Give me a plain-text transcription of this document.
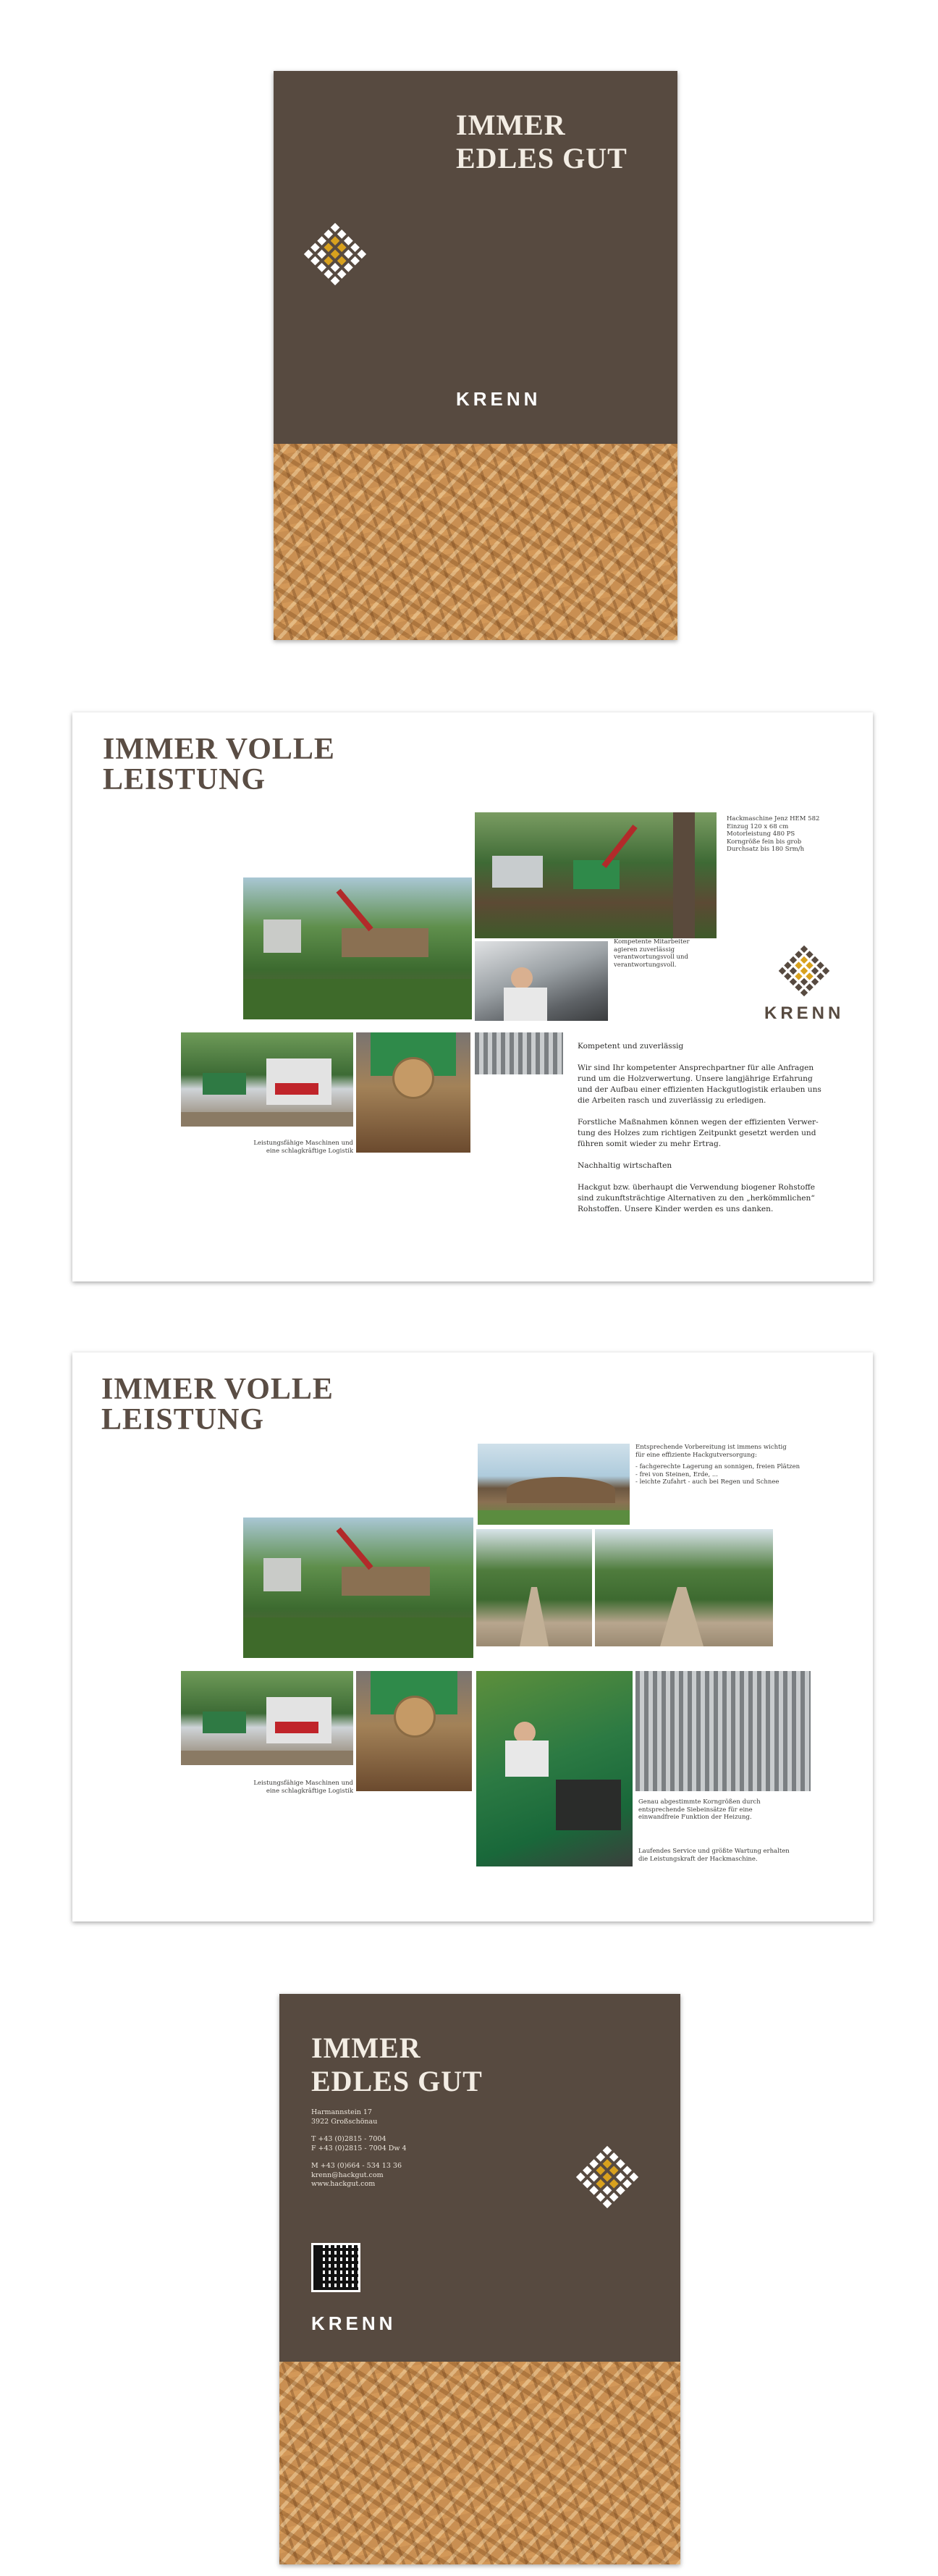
IMMER
EDLES GUT
KRENN
IMMER VOLLE
LEISTUNG

Hackmaschine Jenz HEM 582
Einzug 120 x 68 cm
Motorleistung 480 PS
Korngröße fein bis grob
Durchsatz bis 180 Srm/h

Kompetente Mitarbeiter
agieren zuverlässig
verantwortungsvoll und
verantwortungsvoll.

KRENN

Leistungsfähige Maschinen und
eine schlagkräftige Logistik

Kompetent und zuverlässig

Wir sind Ihr kompetenter Ansprechpartner für alle Anfragen
rund um die Holzverwertung. Unsere langjährige Erfahrung
und der Aufbau einer effizienten Hackgutlogistik erlauben uns
die Arbeiten rasch und zuverlässig zu erledigen.

Forstliche Maßnahmen können wegen der effizienten Verwer-
tung des Holzes zum richtigen Zeitpunkt gesetzt werden und
führen somit wieder zu mehr Ertrag.

Nachhaltig wirtschaften

Hackgut bzw. überhaupt die Verwendung biogener Rohstoffe
sind zukunftsträchtige Alternativen zu den „herkömmlichen“
Rohstoffen. Unsere Kinder werden es uns danken.

IMMER VOLLE
LEISTUNG
Entsprechende Vorbereitung ist immens wichtig
für eine effiziente Hackgutversorgung:
- fachgerechte Lagerung an sonnigen, freien Plätzen
- frei von Steinen, Erde, ...
- leichte Zufahrt - auch bei Regen und Schnee

Leistungsfähige Maschinen und
eine schlagkräftige Logistik

Genau abgestimmte Korngrößen durch
entsprechende Siebeinsätze für eine
einwandfreie Funktion der Heizung.

Laufendes Service und größte Wartung erhalten
die Leistungskraft der Hackmaschine.

IMMER
EDLES GUT
Harmannstein 17
3922 Großschönau
T +43 (0)2815 - 7004
F +43 (0)2815 - 7004 Dw 4
M +43 (0)664 - 534 13 36
krenn@hackgut.com
www.hackgut.com
KRENN
